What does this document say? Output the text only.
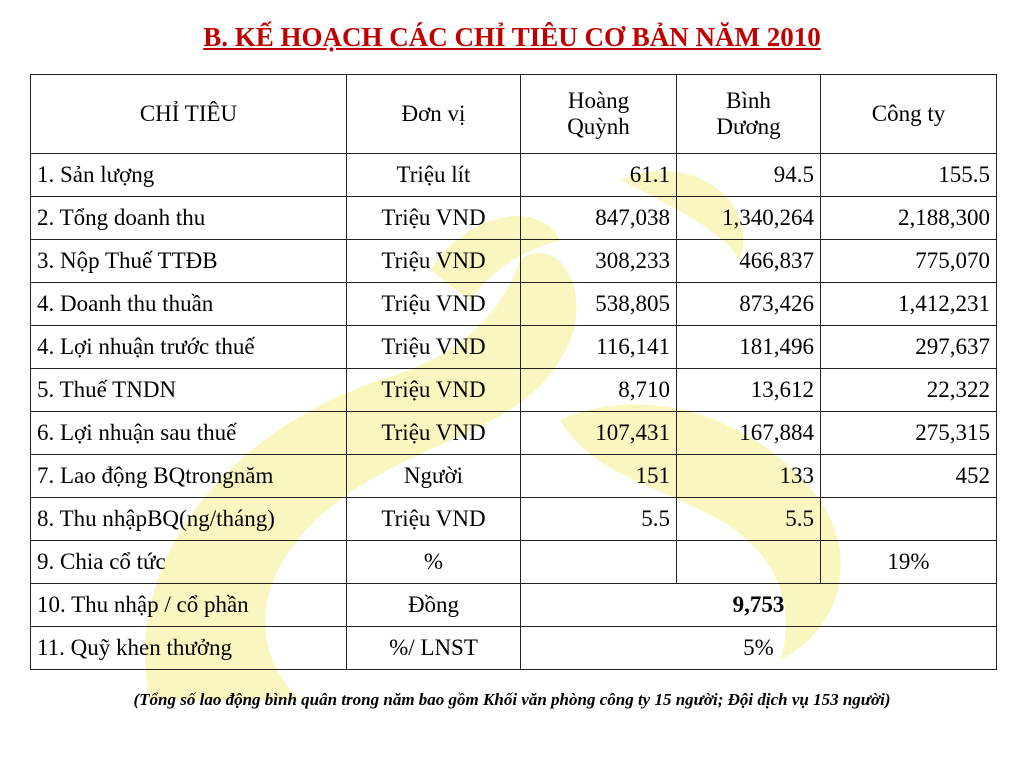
B. KẾ HOẠCH CÁC CHỈ TIÊU CƠ BẢN NĂM 2010
CHỈ TIÊU	Đơn vị	Hoàng Quỳnh	Bình Dương	Công ty
1. Sản lượng	Triệu lít	61.1	94.5	155.5
2. Tổng doanh thu	Triệu VND	847,038	1,340,264	2,188,300
3. Nộp Thuế TTĐB	Triệu VND	308,233	466,837	775,070
4. Doanh thu thuần	Triệu VND	538,805	873,426	1,412,231
4. Lợi nhuận trước thuế	Triệu VND	116,141	181,496	297,637
5. Thuế TNDN	Triệu VND	8,710	13,612	22,322
6. Lợi nhuận sau thuế	Triệu VND	107,431	167,884	275,315
7. Lao động BQtrongnăm	Người	151	133	452
8. Thu nhậpBQ(ng/tháng)	Triệu VND	5.5	5.5	
9. Chia cổ tức	%			19%
10. Thu nhập / cổ phần	Đồng	9,753		
11. Quỹ khen thưởng	%/ LNST	5%		
(Tổng số lao động bình quân trong năm bao gồm Khối văn phòng công ty 15 người; Đội dịch vụ 153 người)
